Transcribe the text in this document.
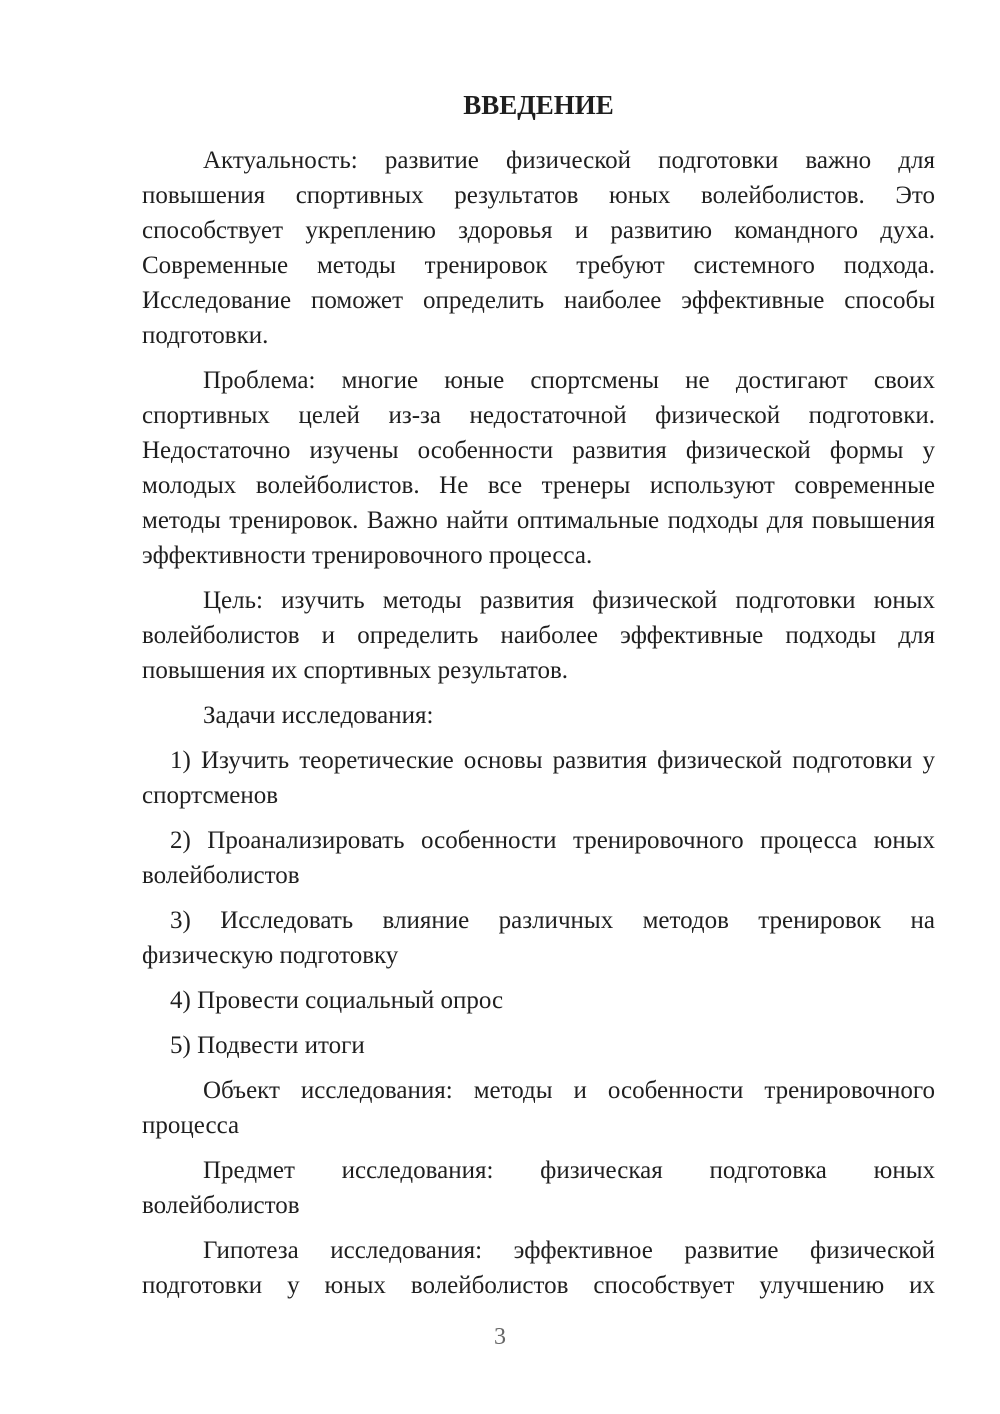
ВВЕДЕНИЕ
Актуальность: развитие физической подготовки важно для
повышения спортивных результатов юных волейболистов. Это
способствует укреплению здоровья и развитию командного духа.
Современные методы тренировок требуют системного подхода.
Исследование поможет определить наиболее эффективные способы
подготовки.
Проблема: многие юные спортсмены не достигают своих
спортивных целей из-за недостаточной физической подготовки.
Недостаточно изучены особенности развития физической формы у
молодых волейболистов. Не все тренеры используют современные
методы тренировок. Важно найти оптимальные подходы для повышения
эффективности тренировочного процесса.
Цель: изучить методы развития физической подготовки юных
волейболистов и определить наиболее эффективные подходы для
повышения их спортивных результатов.
Задачи исследования:
1) Изучить теоретические основы развития физической подготовки у
спортсменов
2) Проанализировать особенности тренировочного процесса юных
волейболистов
3) Исследовать влияние различных методов тренировок на
физическую подготовку
4) Провести социальный опрос
5) Подвести итоги
Объект исследования: методы и особенности тренировочного
процесса
Предмет исследования: физическая подготовка юных
волейболистов
Гипотеза исследования: эффективное развитие физической
подготовки у юных волейболистов способствует улучшению их
3
